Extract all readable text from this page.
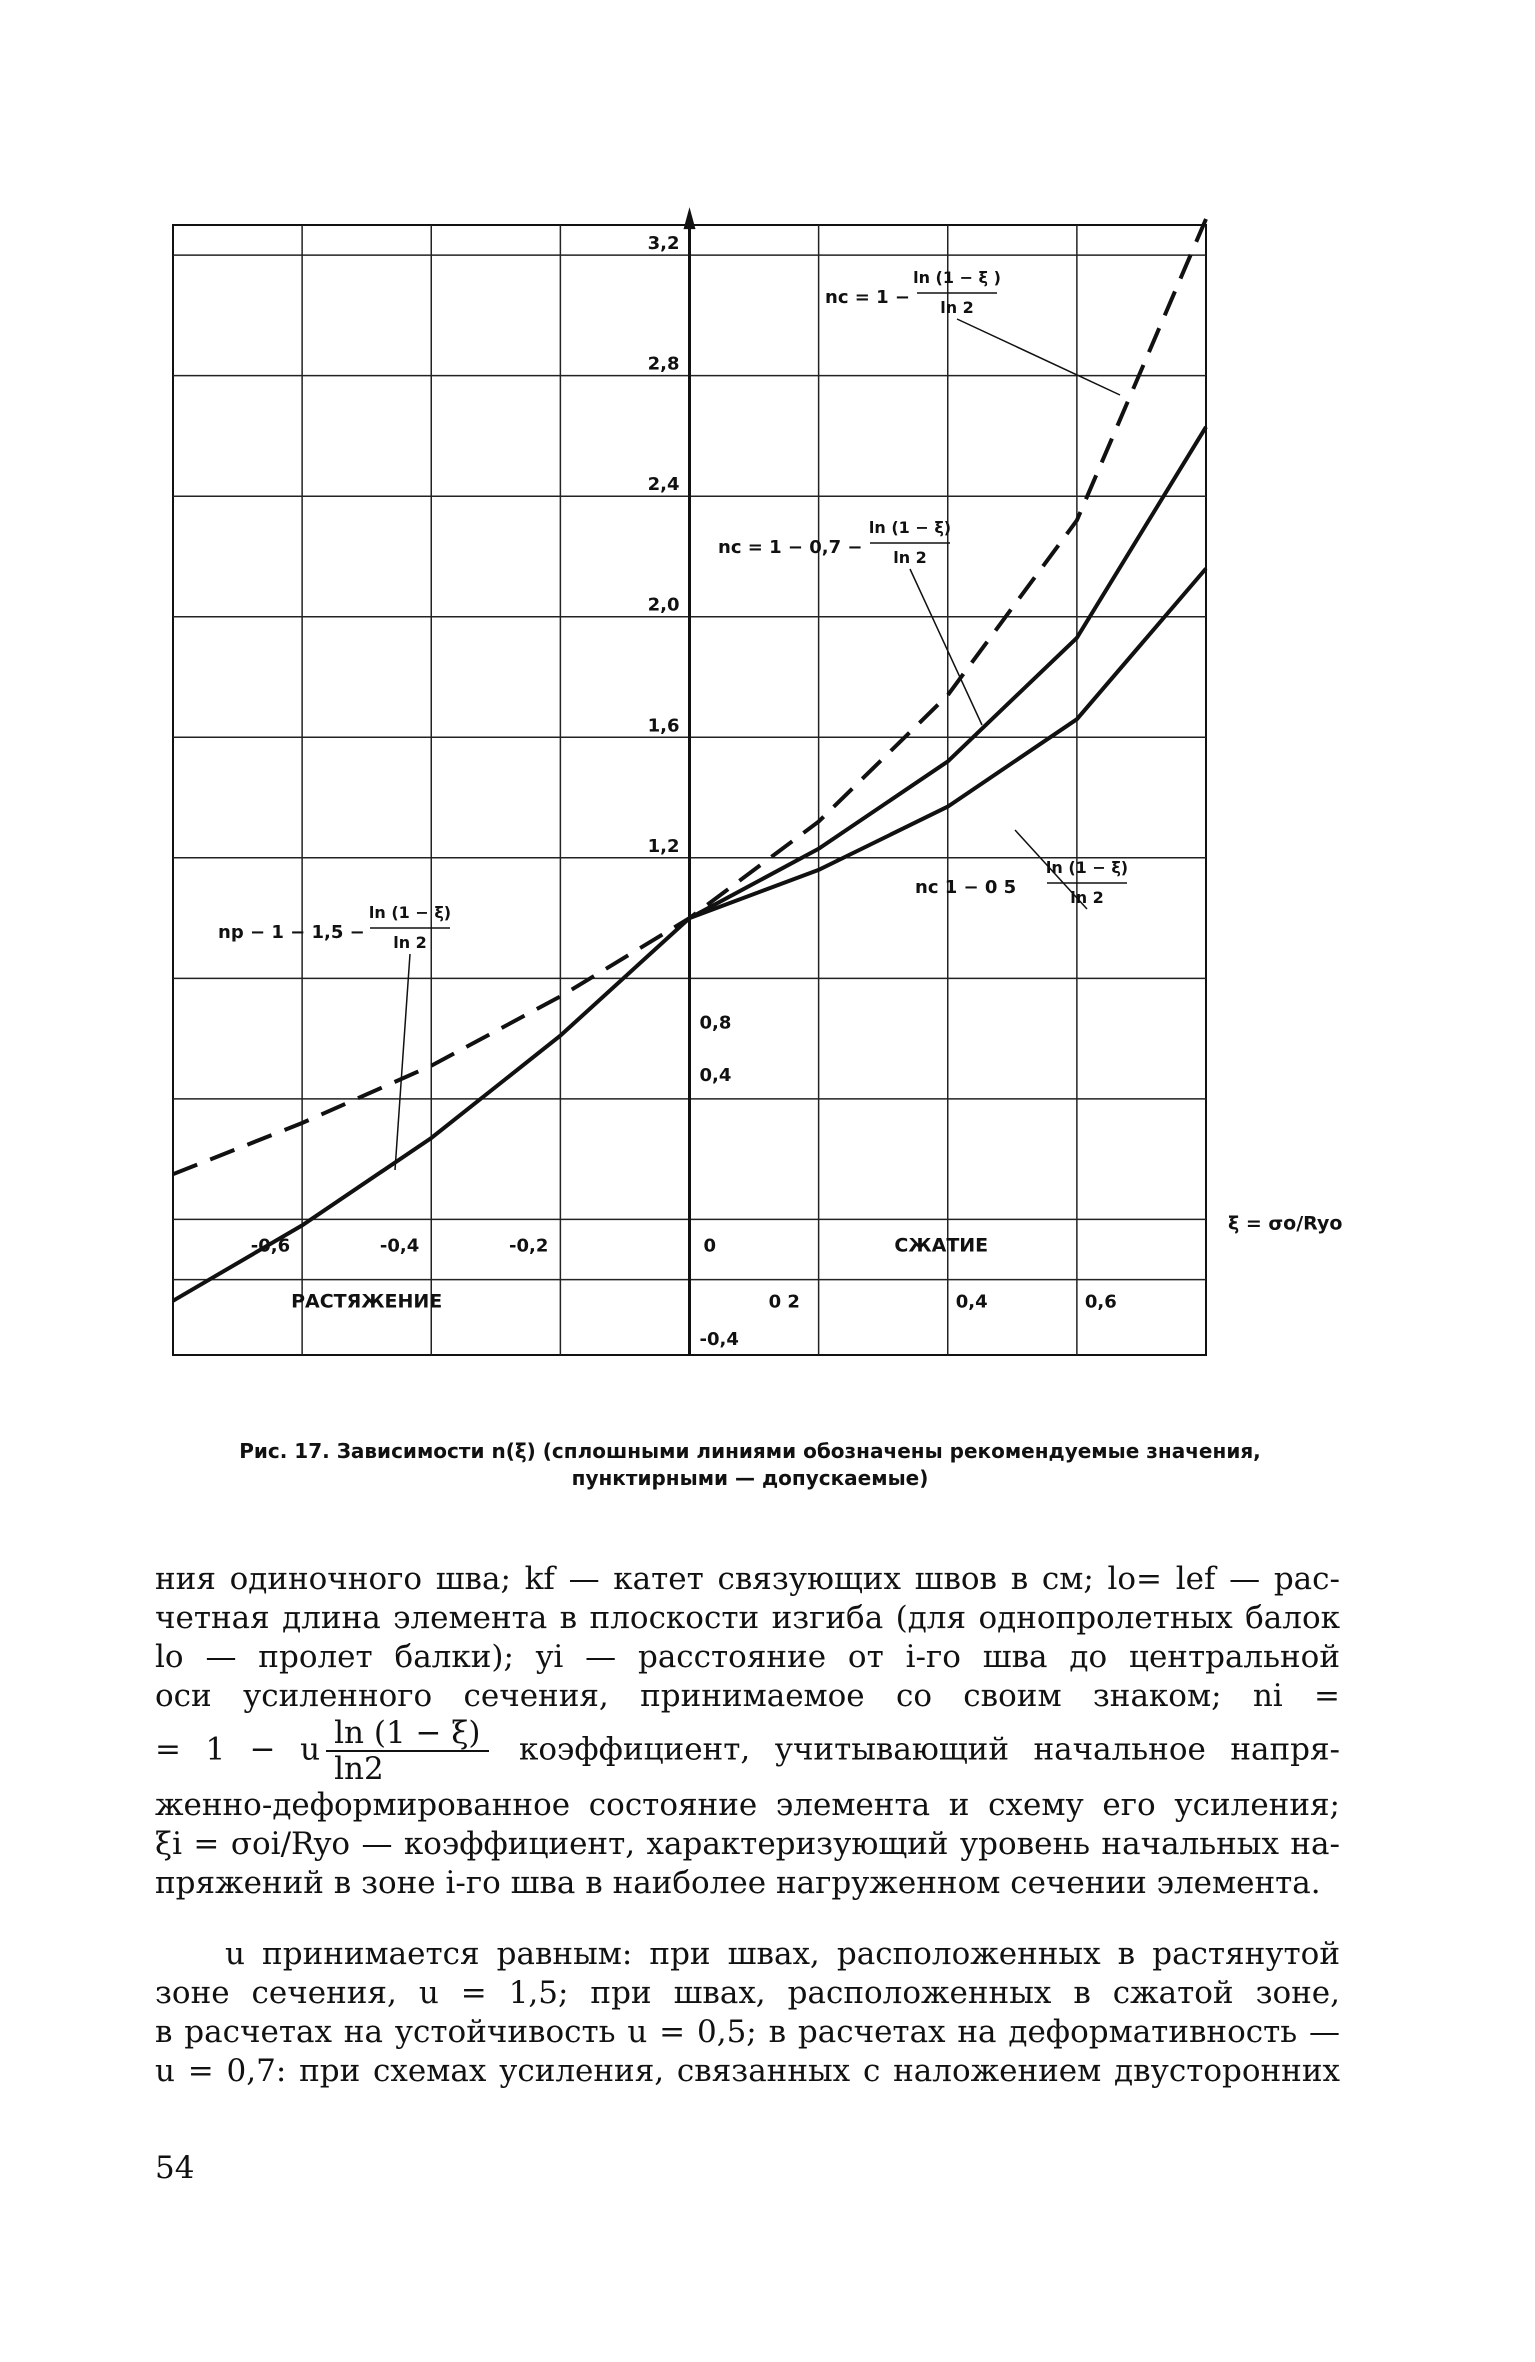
3,2
2,8
2,4
2,0
1,6
1,2
0,8
0,4
-0,4
-0,6	-0,4	-0,2	0
0 2	0,4	0,6
РАСТЯЖЕНИЕ
СЖАТИЕ
ξ = σo/Ryo
nc = 1 −
ln (1 − ξ )
ln 2
nc = 1 − 0,7 −
ln (1 − ξ)
ln 2
nc 1 − 0 5
ln (1 − ξ)
ln 2
np − 1 − 1,5 −
ln (1 − ξ)
ln 2
Рис. 17. Зависимости n(ξ) (сплошными линиями обозначены рекомендуемые значения,
пунктирными — допускаемые)
ния одиночного шва; kf — катет связующих швов в см; lo= lef — рас-
четная длина элемента в плоскости изгиба (для однопролетных балок
lo — пролет балки); yi — расстояние от i-го шва до центральной
оси усиленного сечения, принимаемое со своим знаком; ni =
= 1 − u $\frac{\ln (1 - \xi)}{\ln 2}$ коэффициент, учитывающий начальное напря-
женно-деформированное состояние элемента и схему его усиления;
ξi = σoi/Ryo — коэффициент, характеризующий уровень начальных на-
пряжений в зоне i-го шва в наиболее нагруженном сечении элемента.
u принимается равным: при швах, расположенных в растянутой
зоне сечения, u = 1,5; при швах, расположенных в сжатой зоне,
в расчетах на устойчивость u = 0,5; в расчетах на деформативность —
u = 0,7: при схемах усиления, связанных с наложением двусторонних
54
